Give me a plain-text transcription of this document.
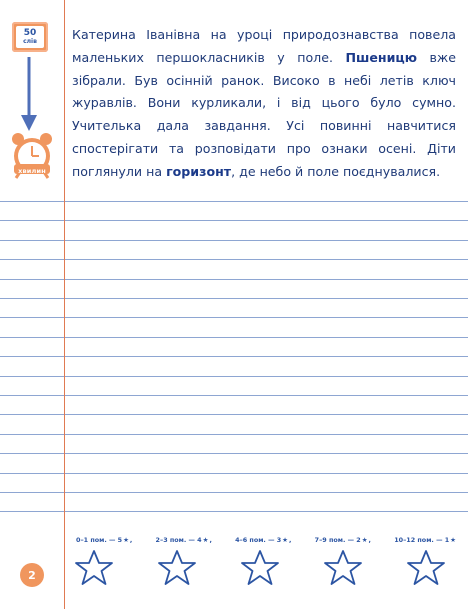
50
слів
хвилин

Катерина Іванівна на уроці природознавства повела маленьких першокласників у поле. Пшеницю вже зібрали. Був осінній ранок. Високо в небі летів ключ журавлів. Вони курликали, і від цього було сумно. Учителька дала завдання. Усі повинні навчитися спостерігати та розповідати про ознаки осені. Діти поглянули на горизонт, де небо й поле поєднувалися.

0–1 пом. — 5 ★ ,	2–3 пом. — 4 ★ ,	4–6 пом. — 3 ★ ,	7–9 пом. — 2 ★ ,	10–12 пом. — 1 ★
2
